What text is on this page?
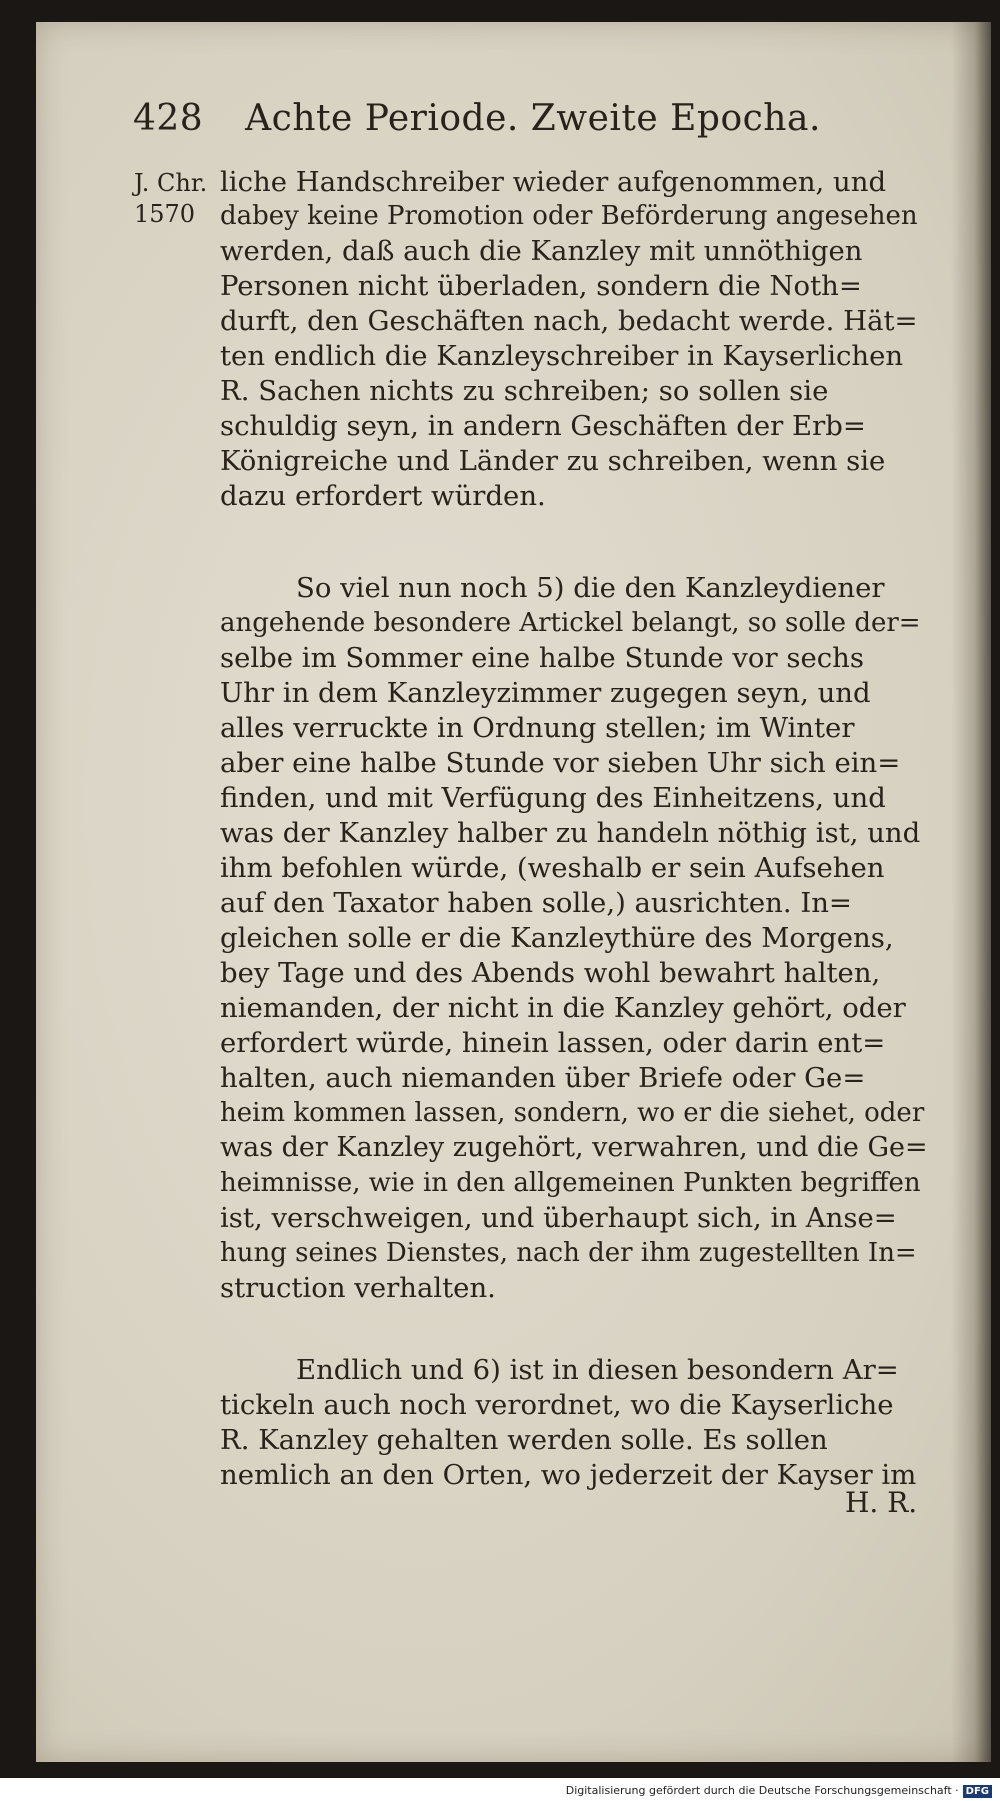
428 Achte Periode. Zweite Epocha.
J. Chr.
1570
liche Handschreiber wieder aufgenommen, und
dabey keine Promotion oder Beförderung angesehen
werden, daß auch die Kanzley mit unnöthigen
Personen nicht überladen, sondern die Noth=
durft, den Geschäften nach, bedacht werde. Hät=
ten endlich die Kanzleyschreiber in Kayserlichen
R. Sachen nichts zu schreiben; so sollen sie
schuldig seyn, in andern Geschäften der Erb=
Königreiche und Länder zu schreiben, wenn sie
dazu erfordert würden.
So viel nun noch 5) die den Kanzleydiener
angehende besondere Artickel belangt, so solle der=
selbe im Sommer eine halbe Stunde vor sechs
Uhr in dem Kanzleyzimmer zugegen seyn, und
alles verruckte in Ordnung stellen; im Winter
aber eine halbe Stunde vor sieben Uhr sich ein=
finden, und mit Verfügung des Einheitzens, und
was der Kanzley halber zu handeln nöthig ist, und
ihm befohlen würde, (weshalb er sein Aufsehen
auf den Taxator haben solle,) ausrichten. In=
gleichen solle er die Kanzleythüre des Morgens,
bey Tage und des Abends wohl bewahrt halten,
niemanden, der nicht in die Kanzley gehört, oder
erfordert würde, hinein lassen, oder darin ent=
halten, auch niemanden über Briefe oder Ge=
heim kommen lassen, sondern, wo er die siehet, oder
was der Kanzley zugehört, verwahren, und die Ge=
heimnisse, wie in den allgemeinen Punkten begriffen
ist, verschweigen, und überhaupt sich, in Anse=
hung seines Dienstes, nach der ihm zugestellten In=
struction verhalten.
Endlich und 6) ist in diesen besondern Ar=
tickeln auch noch verordnet, wo die Kayserliche
R. Kanzley gehalten werden solle. Es sollen
nemlich an den Orten, wo jederzeit der Kayser im
H. R.
Digitalisierung gefördert durch die Deutsche Forschungsgemeinschaft · DFG
